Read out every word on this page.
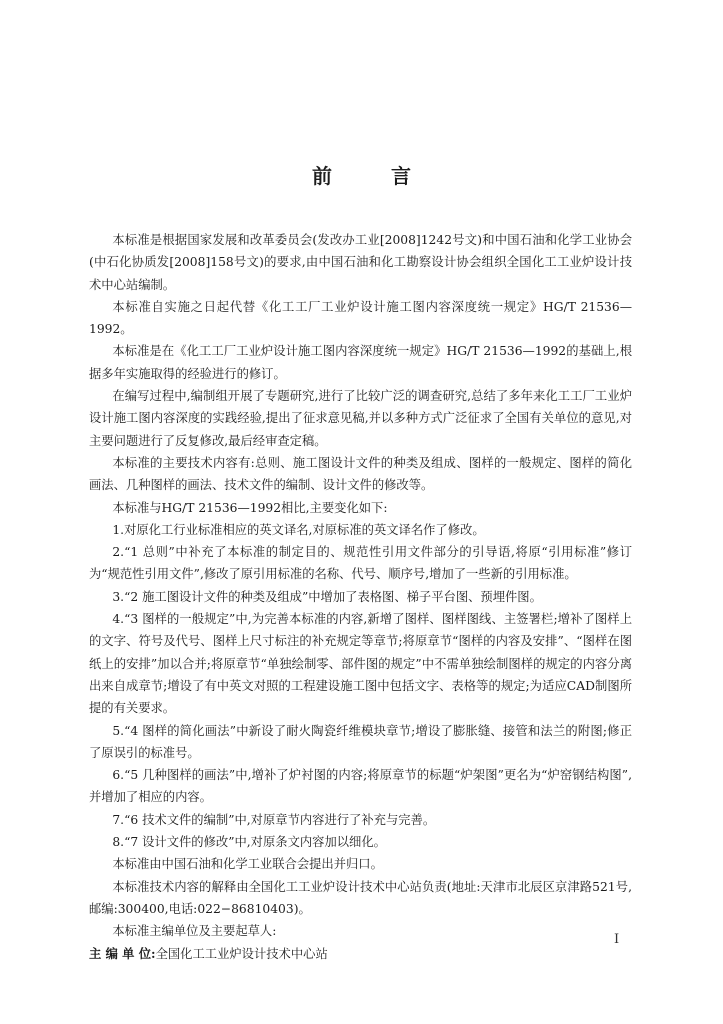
前 言

本标准是根据国家发展和改革委员会(发改办工业[2008]1242号文)和中国石油和化学工业协会(中石化协质发[2008]158号文)的要求,由中国石油和化工勘察设计协会组织全国化工工业炉设计技术中心站编制。

本标准自实施之日起代替《化工工厂工业炉设计施工图内容深度统一规定》HG/T 21536—1992。

本标准是在《化工工厂工业炉设计施工图内容深度统一规定》HG/T 21536—1992的基础上,根据多年实施取得的经验进行的修订。

在编写过程中,编制组开展了专题研究,进行了比较广泛的调查研究,总结了多年来化工工厂工业炉设计施工图内容深度的实践经验,提出了征求意见稿,并以多种方式广泛征求了全国有关单位的意见,对主要问题进行了反复修改,最后经审查定稿。

本标准的主要技术内容有:总则、施工图设计文件的种类及组成、图样的一般规定、图样的简化画法、几种图样的画法、技术文件的编制、设计文件的修改等。

本标准与HG/T 21536—1992相比,主要变化如下:

1.对原化工行业标准相应的英文译名,对原标准的英文译名作了修改。

2.“1 总则”中补充了本标准的制定目的、规范性引用文件部分的引导语,将原“引用标准”修订为“规范性引用文件”,修改了原引用标准的名称、代号、顺序号,增加了一些新的引用标准。

3.“2 施工图设计文件的种类及组成”中增加了表格图、梯子平台图、预埋件图。

4.“3 图样的一般规定”中,为完善本标准的内容,新增了图样、图样图线、主签署栏;增补了图样上的文字、符号及代号、图样上尺寸标注的补充规定等章节;将原章节“图样的内容及安排”、“图样在图纸上的安排”加以合并;将原章节“单独绘制零、部件图的规定”中不需单独绘制图样的规定的内容分离出来自成章节;增设了有中英文对照的工程建设施工图中包括文字、表格等的规定;为适应CAD制图所提的有关要求。

5.“4 图样的简化画法”中新设了耐火陶瓷纤维模块章节;增设了膨胀缝、接管和法兰的附图;修正了原误引的标准号。

6.“5 几种图样的画法”中,增补了炉衬图的内容;将原章节的标题“炉架图”更名为“炉窑钢结构图”,并增加了相应的内容。

7.“6 技术文件的编制”中,对原章节内容进行了补充与完善。

8.“7 设计文件的修改”中,对原条文内容加以细化。

本标准由中国石油和化学工业联合会提出并归口。

本标准技术内容的解释由全国化工工业炉设计技术中心站负责(地址:天津市北辰区京津路521号,邮编:300400,电话:022−86810403)。

本标准主编单位及主要起草人:

主 编 单 位:全国化工工业炉设计技术中心站

I
